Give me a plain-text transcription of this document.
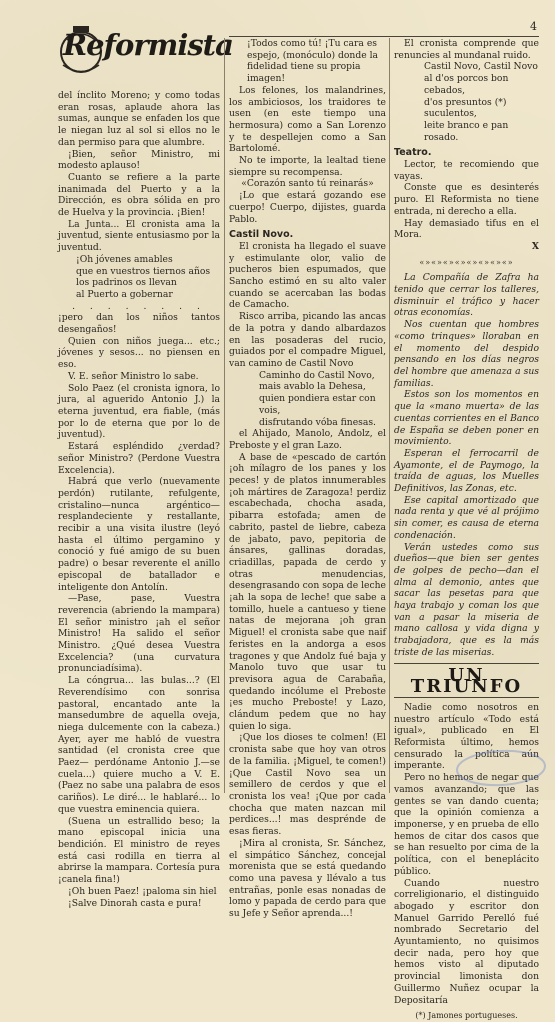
Reformista
4

del ínclito Moreno; y como todas eran rosas, aplaude ahora las sumas, aunque se enfaden los que le niegan luz al sol si ellos no le dan permiso para que alumbre.

¡Bien, señor Ministro, mi modesto aplauso!

Cuanto se refiere a la parte inanimada del Puerto y a la Dirección, es obra sólida en pro de Huelva y la provincia. ¡Bien!

La Junta... El cronista ama la juventud, siente entusiasmo por la juventud.

¡Oh jóvenes amables

que en vuestros tiernos años

los padrinos os llevan

al Puerto a gobernar

. . . . . . . .

¡pero dan los niños tantos desengaños!

Quien con niños juega... etc.; jóvenes y sesos... no piensen en eso.

V. E. señor Ministro lo sabe.

Solo Paez (el cronista ignora, lo jura, al aguerido Antonio J.) la eterna juventud, era fiable, (más por lo de eterna que por lo de juventud).

Estará espléndido ¿verdad? señor Ministro? (Perdone Vuestra Excelencia).

Habrá que verlo (nuevamente perdón) rutilante, refulgente, cristalino—nunca argéntico—resplandeciente y restallante, recibir a una visita ilustre (leyó hasta el último pergamino y conoció y fué amigo de su buen padre) o besar reverente el anillo episcopal de batallador e inteligente don Antolín.

—Pase, pase, Vuestra reverencia (abriendo la mampara) El señor ministro ¡ah el señor Ministro! Ha salido el señor Ministro. ¿Qué desea Vuestra Excelencia? (una curvatura pronunciadísima).

La cóngrua... las bulas...? (El Reverendísimo con sonrisa pastoral, encantado ante la mansedumbre de aquella oveja, niega dulcemente con la cabeza.) Ayer, ayer me habló de vuestra santidad (el cronista cree que Paez— perdóname Antonio J.—se cuela...) quiere mucho a V. E. (Paez no sabe una palabra de esos cariños). Le diré... le hablaré... lo que vuestra eminencia quiera.

(Suena un estrallido beso; la mano episcopal inicia una bendición. El ministro de reyes está casi rodilla en tierra al abrirse la mampara. Cortesía pura ¡canela fina!)

¡Oh buen Paez! ¡paloma sin hiel

¡Salve Dinorah casta e pura!

¡Todos como tú! ¡Tu cara es espejo, (monóculo) donde la fidelidad tiene su propia imagen!

Los felones, los malandrines, los ambiciosos, los traidores te usen (en este tiempo una hermosura) como a San Lorenzo y te despellejen como a San Bartolomé.

No te importe, la lealtad tiene siempre su recompensa.

«Corazón santo tú reinarás»

¡Lo que estará gozando ese cuerpo! Cuerpo, dijistes, guarda Pablo.

Castil Novo.

El cronista ha llegado el suave y estimulante olor, valio de pucheros bien espumados, que Sancho estimó en su alto valer cuando se acercaban las bodas de Camacho.

Risco arriba, picando las ancas de la potra y dando albardazos en las posaderas del rucio, guiados por el compadre Miguel, van camino de Castil Novo

Caminho do Castil Novo,

mais avablo la Dehesa,

quien pondiera estar con vois,

disfrutando vóba finesas.

el Ahijado, Manolo, Andolz, el Preboste y el gran Lazo.

A base de «pescado de cartón ¡oh mílagro de los panes y los peces! y de platos innumerables ¡oh mártires de Zaragoza! perdiz escabechada, chocha asada, pibarra estofada; amen de cabrito, pastel de liebre, cabeza de jabato, pavo, pepitoria de ánsares, gallinas doradas, criadillas, papada de cerdo y otras menudencias, desengrasando con sopa de leche ¡ah la sopa de leche! que sabe a tomillo, huele a cantueso y tiene natas de mejorana ¡oh gran Miguel! el cronista sabe que naif feristes en la andorga a esos tragones y que Andolz fué baja y Manolo tuvo que usar tu previsora agua de Carabaña, quedando incólume el Preboste ¡es mucho Preboste! y Lazo, clándum pedem que no hay quien lo siga.

¡Que los dioses te colmen! (El cronista sabe que hoy van otros de la familia. ¡Miguel, te comen!) ¡Que Castil Novo sea un semillero de cerdos y que el cronista los vea! ¡Que por cada chocha que maten nazcan mil perdices...! mas desprénde de esas fieras.

¡Mira al cronista, Sr. Sánchez, el simpático Sánchez, concejal morenista que se está quedando como una pavesa y llévalo a tus entrañas, ponle esas nonadas de lomo y papada de cerdo para que su Jefe y Señor aprenda...!

El cronista comprende que renuncies al mundanal ruido.

Castil Novo, Castil Novo

al d'os porcos bon cebados,

d'os presuntos (*) suculentos,

leite branco e pan rosado.

Teatro.

Lector, te recomiendo que vayas.

Conste que es desinterés puro. El Reformista no tiene entrada, ni derecho a ella.

Hay demasiado tifus en el Mora.

X

«»«»«»«»«»«»«»«»

La Compañía de Zafra ha tenido que cerrar los talleres, disminuir el tráfico y hacer otras economías.

Nos cuentan que hombres «como trinques» lloraban en el momento del despido pensando en los días negros del hombre que amenaza a sus familias.

Estos son los momentos en que la «mano muerta» de las cuentas corrientes en el Banco de España se deben poner en movimiento.

Esperan el ferrocarril de Ayamonte, el de Paymogo, la traída de aguas, los Muelles Definitivos, las Zonas, etc.

Ese capital amortizado que nada renta y que vé al prójimo sin comer, es causa de eterna condenación.

Verán ustedes como sus dueños—que bien ser gentes de golpes de pecho—dan el alma al demonio, antes que sacar las pesetas para que haya trabajo y coman los que van a pasar la miseria de mano callosa y vida digna y trabajadora, que es la más triste de las miserias.

UN TRIUNFO

Nadie como nosotros en nuestro artículo «Todo está igual», publicado en El Reformista último, hemos censurado la política aún imperante.

Pero no hemos de negar que vamos avanzando; que las gentes se van dando cuenta; que la opinión comienza a imponerse, y en prueba de ello hemos de citar dos casos que se han resuelto por cima de la política, con el beneplácito público.

Cuando nuestro correligionario, el distinguido abogado y escritor don Manuel Garrido Perelló fué nombrado Secretario del Ayuntamiento, no quisimos decir nada, pero hoy que hemos visto al diputado provincial limonista don Guillermo Nuñez ocupar la Depositaría

(*) Jamones portugueses.
